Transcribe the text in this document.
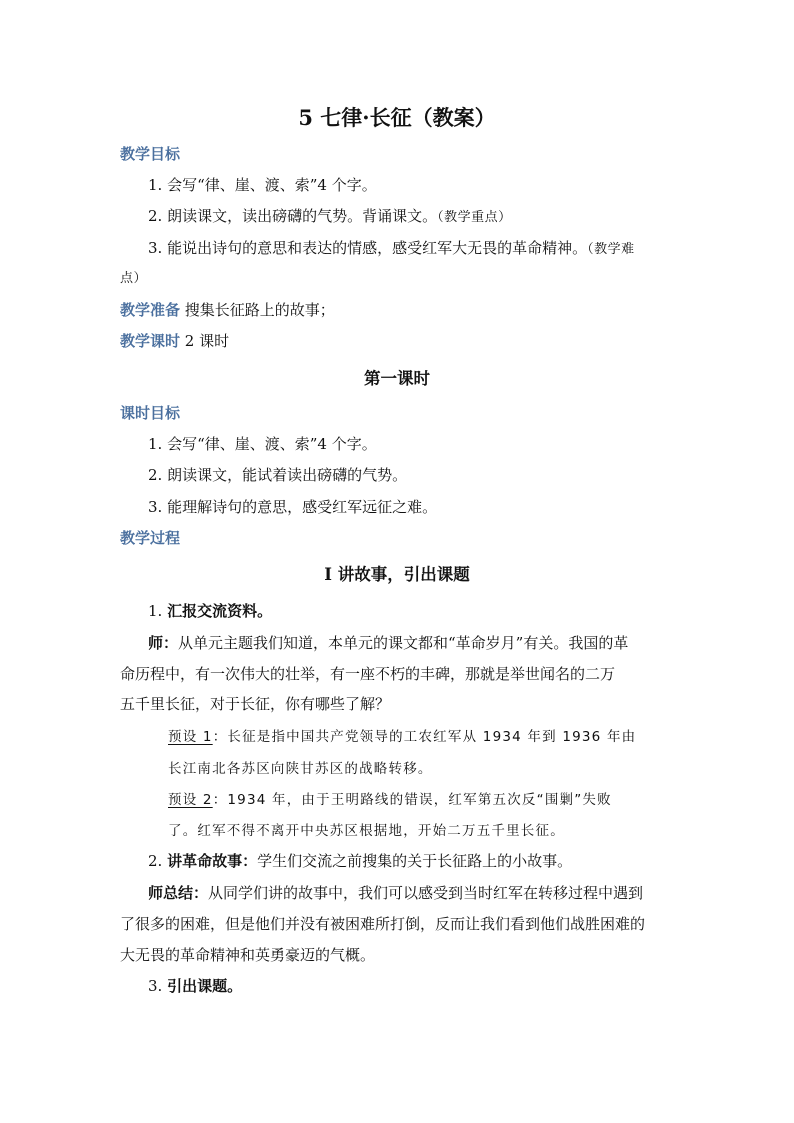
5 七律·长征（教案）
教学目标
1. 会写“律、崖、渡、索”4 个字。
2. 朗读课文，读出磅礴的气势。背诵课文。（教学重点）
3. 能说出诗句的意思和表达的情感，感受红军大无畏的革命精神。（教学难
点）
教学准备 搜集长征路上的故事；
教学课时 2 课时
第一课时
课时目标
1. 会写“律、崖、渡、索”4 个字。
2. 朗读课文，能试着读出磅礴的气势。
3. 能理解诗句的意思，感受红军远征之难。
教学过程
Ⅰ 讲故事，引出课题
1. 汇报交流资料。
师：从单元主题我们知道，本单元的课文都和“革命岁月”有关。我国的革
命历程中，有一次伟大的壮举，有一座不朽的丰碑，那就是举世闻名的二万
五千里长征，对于长征，你有哪些了解？
预设 1：长征是指中国共产党领导的工农红军从 1934 年到 1936 年由
长江南北各苏区向陕甘苏区的战略转移。
预设 2：1934 年，由于王明路线的错误，红军第五次反“围剿”失败
了。红军不得不离开中央苏区根据地，开始二万五千里长征。
2. 讲革命故事：学生们交流之前搜集的关于长征路上的小故事。
师总结：从同学们讲的故事中，我们可以感受到当时红军在转移过程中遇到
了很多的困难，但是他们并没有被困难所打倒，反而让我们看到他们战胜困难的
大无畏的革命精神和英勇豪迈的气概。
3. 引出课题。
